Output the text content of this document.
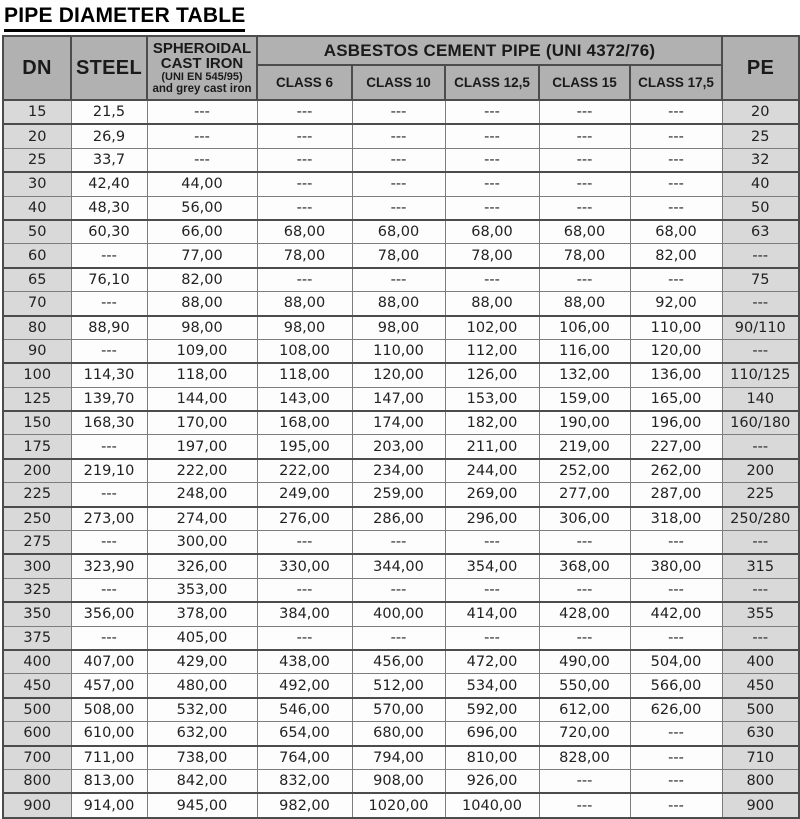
PIPE DIAMETER TABLE
DN	STEEL	SPHEROIDAL CAST IRON
(UNI EN 545/95)
and grey cast iron	ASBESTOS CEMENT PIPE (UNI 4372/76)					PE
			CLASS 6	CLASS 10	CLASS 12,5	CLASS 15	CLASS 17,5	
15	21,5	---	---	---	---	---	---	20
20	26,9	---	---	---	---	---	---	25
25	33,7	---	---	---	---	---	---	32
30	42,40	44,00	---	---	---	---	---	40
40	48,30	56,00	---	---	---	---	---	50
50	60,30	66,00	68,00	68,00	68,00	68,00	68,00	63
60	---	77,00	78,00	78,00	78,00	78,00	82,00	---
65	76,10	82,00	---	---	---	---	---	75
70	---	88,00	88,00	88,00	88,00	88,00	92,00	---
80	88,90	98,00	98,00	98,00	102,00	106,00	110,00	90/110
90	---	109,00	108,00	110,00	112,00	116,00	120,00	---
100	114,30	118,00	118,00	120,00	126,00	132,00	136,00	110/125
125	139,70	144,00	143,00	147,00	153,00	159,00	165,00	140
150	168,30	170,00	168,00	174,00	182,00	190,00	196,00	160/180
175	---	197,00	195,00	203,00	211,00	219,00	227,00	---
200	219,10	222,00	222,00	234,00	244,00	252,00	262,00	200
225	---	248,00	249,00	259,00	269,00	277,00	287,00	225
250	273,00	274,00	276,00	286,00	296,00	306,00	318,00	250/280
275	---	300,00	---	---	---	---	---	---
300	323,90	326,00	330,00	344,00	354,00	368,00	380,00	315
325	---	353,00	---	---	---	---	---	---
350	356,00	378,00	384,00	400,00	414,00	428,00	442,00	355
375	---	405,00	---	---	---	---	---	---
400	407,00	429,00	438,00	456,00	472,00	490,00	504,00	400
450	457,00	480,00	492,00	512,00	534,00	550,00	566,00	450
500	508,00	532,00	546,00	570,00	592,00	612,00	626,00	500
600	610,00	632,00	654,00	680,00	696,00	720,00	---	630
700	711,00	738,00	764,00	794,00	810,00	828,00	---	710
800	813,00	842,00	832,00	908,00	926,00	---	---	800
900	914,00	945,00	982,00	1020,00	1040,00	---	---	900
